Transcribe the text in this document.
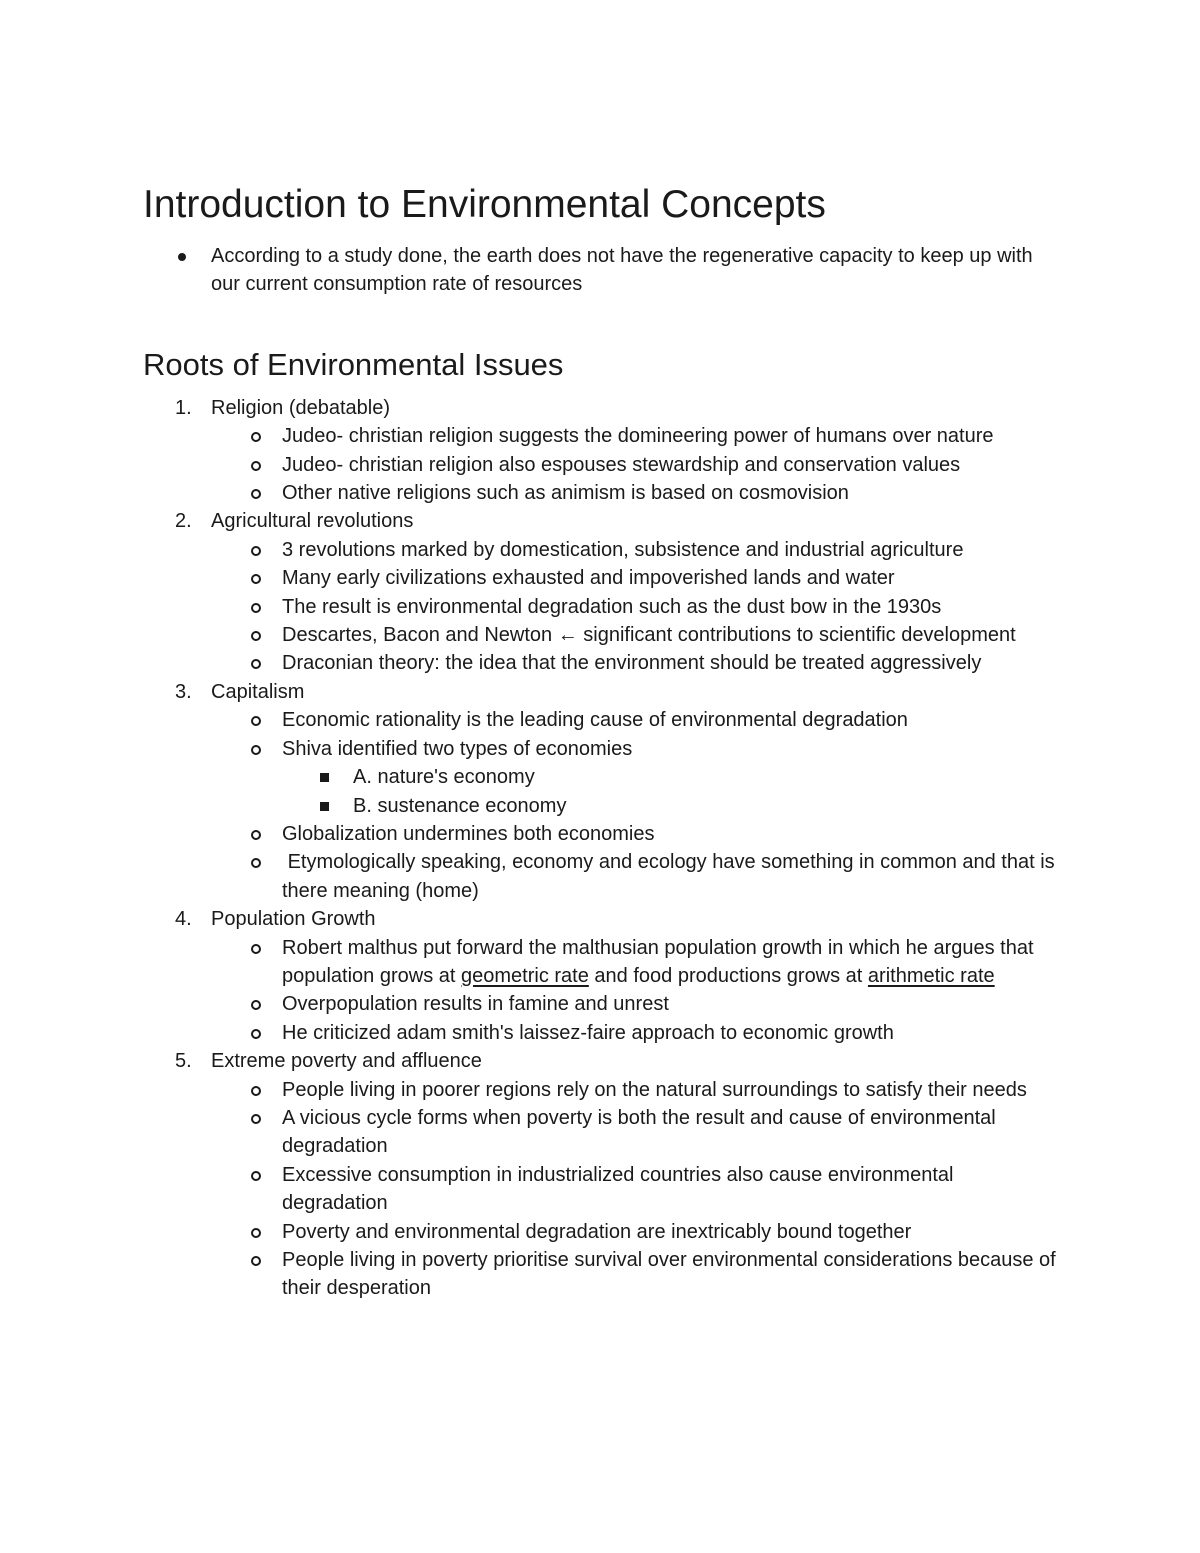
Introduction to Environmental Concepts
According to a study done, the earth does not have the regenerative capacity to keep up with our current consumption rate of resources
Roots of Environmental Issues
1. Religion (debatable)
Judeo- christian religion suggests the domineering power of humans over nature
Judeo- christian religion also espouses stewardship and conservation values
Other native religions such as animism is based on cosmovision
2. Agricultural revolutions
3 revolutions marked by domestication, subsistence and industrial agriculture
Many early civilizations exhausted and impoverished lands and water
The result is environmental degradation such as the dust bow in the 1930s
Descartes, Bacon and Newton ← significant contributions to scientific development
Draconian theory: the idea that the environment should be treated aggressively
3. Capitalism
Economic rationality is the leading cause of environmental degradation
Shiva identified two types of economies
A. nature's economy
B. sustenance economy
Globalization undermines both economies
Etymologically speaking, economy and ecology have something in common and that is there meaning (home)
4. Population Growth
Robert malthus put forward the malthusian population growth in which he argues that population grows at geometric rate and food productions grows at arithmetic rate
Overpopulation results in famine and unrest
He criticized adam smith's laissez-faire approach to economic growth
5. Extreme poverty and affluence
People living in poorer regions rely on the natural surroundings to satisfy their needs
A vicious cycle forms when poverty is both the result and cause of environmental degradation
Excessive consumption in industrialized countries also cause environmental degradation
Poverty and environmental degradation are inextricably bound together
People living in poverty prioritise survival over environmental considerations because of their desperation
